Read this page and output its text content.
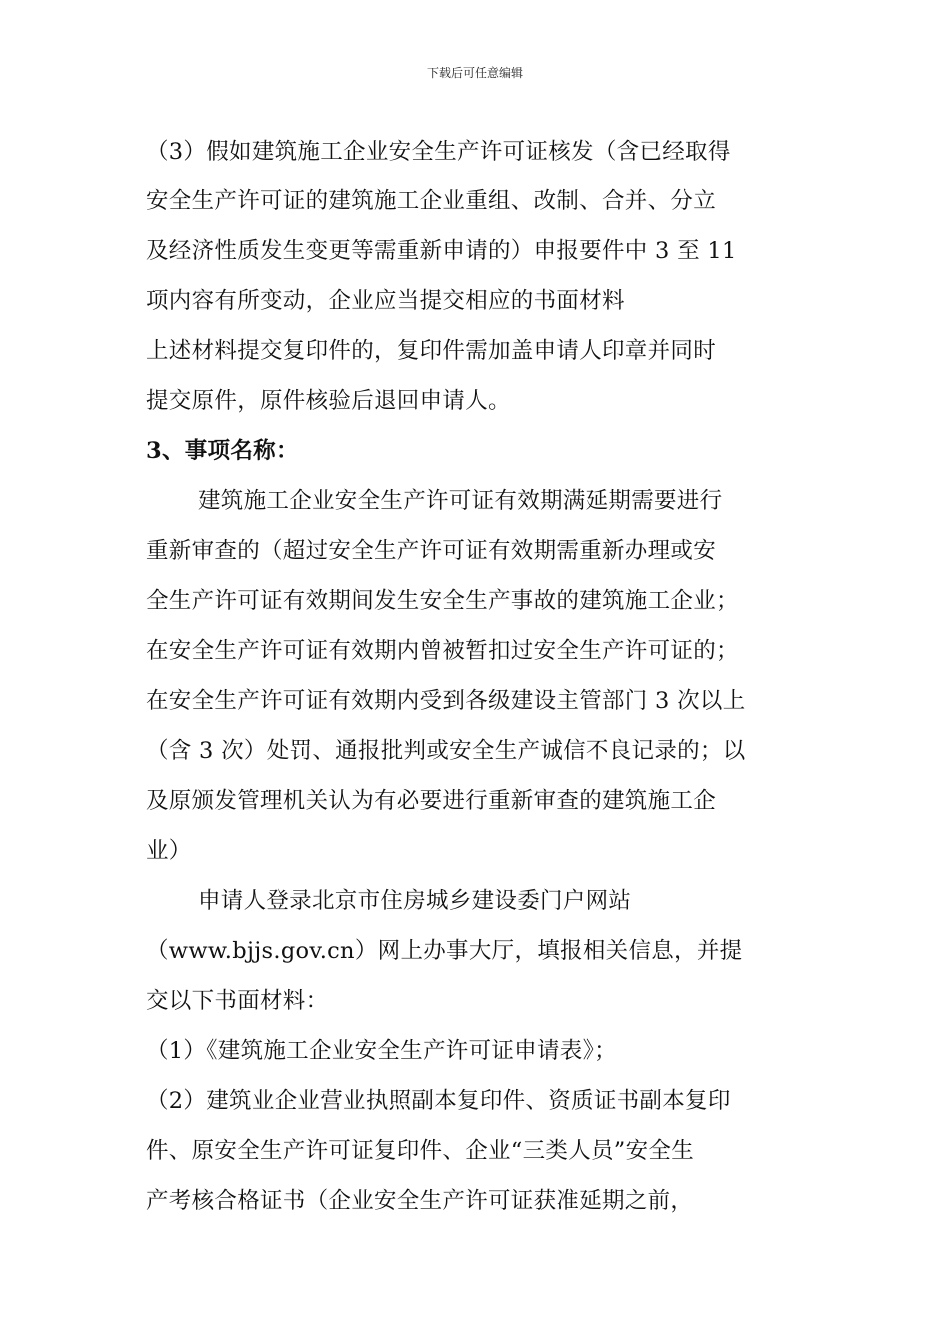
下载后可任意编辑
（3）假如建筑施工企业安全生产许可证核发（含已经取得
安全生产许可证的建筑施工企业重组、改制、合并、分立
及经济性质发生变更等需重新申请的）申报要件中 3 至 11
项内容有所变动，企业应当提交相应的书面材料
上述材料提交复印件的，复印件需加盖申请人印章并同时
提交原件，原件核验后退回申请人。
3、事项名称：
建筑施工企业安全生产许可证有效期满延期需要进行
重新审查的（超过安全生产许可证有效期需重新办理或安
全生产许可证有效期间发生安全生产事故的建筑施工企业；
在安全生产许可证有效期内曾被暂扣过安全生产许可证的；
在安全生产许可证有效期内受到各级建设主管部门 3 次以上
（含 3 次）处罚、通报批判或安全生产诚信不良记录的；以
及原颁发管理机关认为有必要进行重新审查的建筑施工企
业）
申请人登录北京市住房城乡建设委门户网站
（www.bjjs.gov.cn）网上办事大厅，填报相关信息，并提
交以下书面材料：
（1）《建筑施工企业安全生产许可证申请表》；
（2）建筑业企业营业执照副本复印件、资质证书副本复印
件、原安全生产许可证复印件、企业“三类人员”安全生
产考核合格证书（企业安全生产许可证获准延期之前，
